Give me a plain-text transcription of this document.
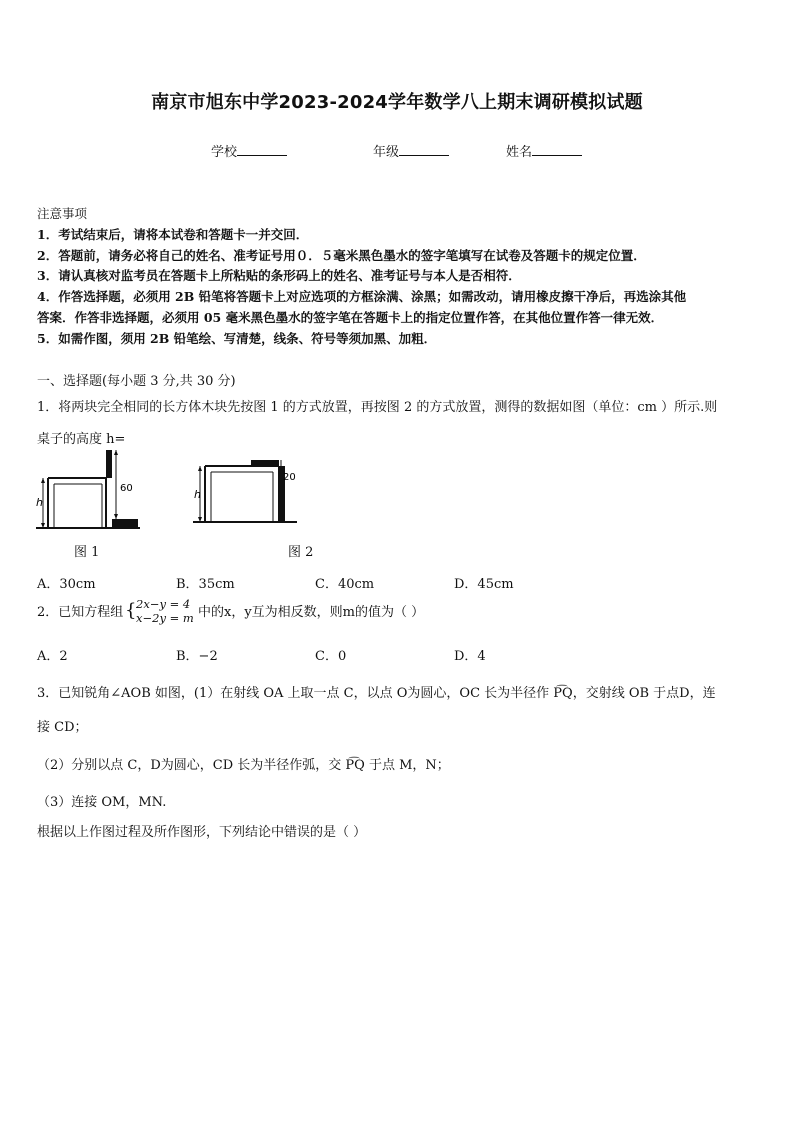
南京市旭东中学2023-2024学年数学八上期末调研模拟试题
学校	年级	姓名
注意事项
1．考试结束后，请将本试卷和答题卡一并交回．
2．答题前，请务必将自己的姓名、准考证号用０．５毫米黑色墨水的签字笔填写在试卷及答题卡的规定位置．
3．请认真核对监考员在答题卡上所粘贴的条形码上的姓名、准考证号与本人是否相符．
4．作答选择题，必须用 2B 铅笔将答题卡上对应选项的方框涂满、涂黑；如需改动，请用橡皮擦干净后，再选涂其他
答案．作答非选择题，必须用 05 毫米黑色墨水的签字笔在答题卡上的指定位置作答，在其他位置作答一律无效．
5．如需作图，须用 2B 铅笔绘、写清楚，线条、符号等须加黑、加粗．
一、选择题(每小题 3 分,共 30 分)
1．将两块完全相同的长方体木块先按图 1 的方式放置，再按图 2 的方式放置，测得的数据如图（单位：cm ）所示.则
桌子的高度 h=
h
60
图 1
h
20
图 2
A．30cm	B．35cm	C．40cm	D．45cm
2．已知方程组 { 2x−y = 4
x−2y = m 中的x，y互为相反数，则m的值为（ ）
A．2	B．−2	C．0	D．4
3．已知锐角∠AOB 如图，(1）在射线 OA 上取一点 C，以点 O为圆心，OC 长为半径作 P͡Q，交射线 OB 于点D，连
接 CD；
（2）分别以点 C，D为圆心，CD 长为半径作弧，交 P͡Q 于点 M，N；
（3）连接 OM，MN.
根据以上作图过程及所作图形，下列结论中错误的是（ ）
